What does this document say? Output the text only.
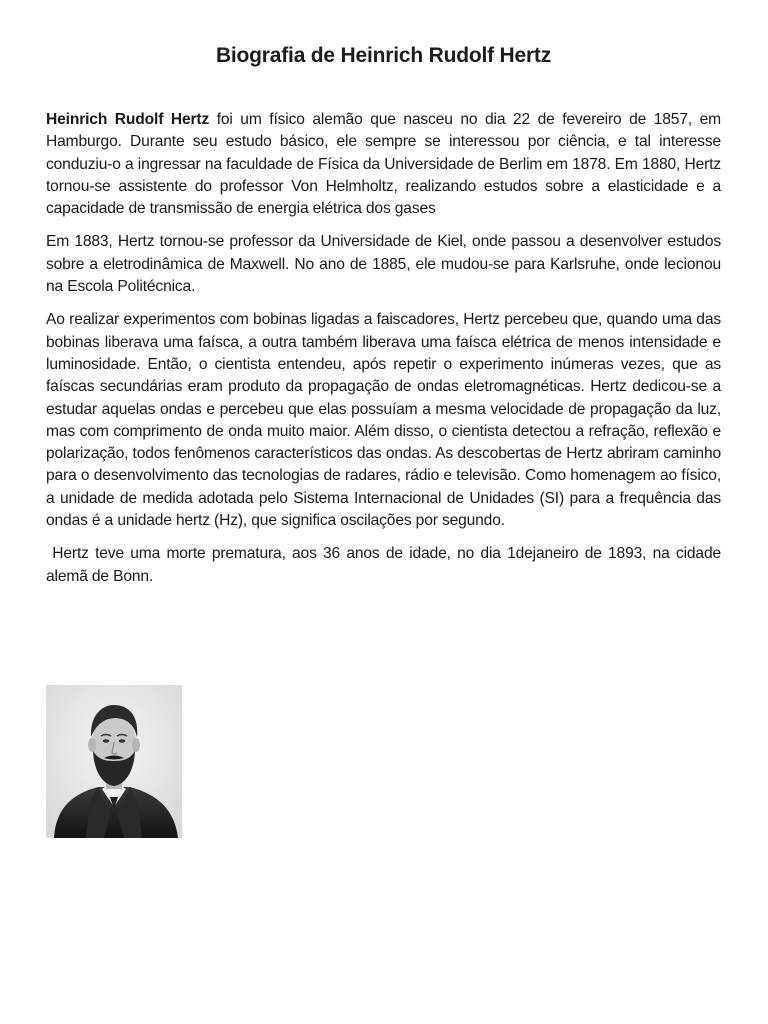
Biografia de Heinrich Rudolf Hertz

Heinrich Rudolf Hertz foi um físico alemão que nasceu no dia 22 de fevereiro de 1857, em Hamburgo. Durante seu estudo básico, ele sempre se interessou por ciência, e tal interesse conduziu-o a ingressar na faculdade de Física da Universidade de Berlim em 1878. Em 1880, Hertz tornou-se assistente do professor Von Helmholtz, realizando estudos sobre a elasticidade e a capacidade de transmissão de energia elétrica dos gases

Em 1883, Hertz tornou-se professor da Universidade de Kiel, onde passou a desenvolver estudos sobre a eletrodinâmica de Maxwell. No ano de 1885, ele mudou-se para Karlsruhe, onde lecionou na Escola Politécnica.

Ao realizar experimentos com bobinas ligadas a faiscadores, Hertz percebeu que, quando uma das bobinas liberava uma faísca, a outra também liberava uma faísca elétrica de menos intensidade e luminosidade. Então, o cientista entendeu, após repetir o experimento inúmeras vezes, que as faíscas secundárias eram produto da propagação de ondas eletromagnéticas. Hertz dedicou-se a estudar aquelas ondas e percebeu que elas possuíam a mesma velocidade de propagação da luz, mas com comprimento de onda muito maior. Além disso, o cientista detectou a refração, reflexão e polarização, todos fenômenos característicos das ondas. As descobertas de Hertz abriram caminho para o desenvolvimento das tecnologias de radares, rádio e televisão. Como homenagem ao físico, a unidade de medida adotada pelo Sistema Internacional de Unidades (SI) para a frequência das ondas é a unidade hertz (Hz), que significa oscilações por segundo.

Hertz teve uma morte prematura, aos 36 anos de idade, no dia 1dejaneiro de 1893, na cidade alemã de Bonn.
